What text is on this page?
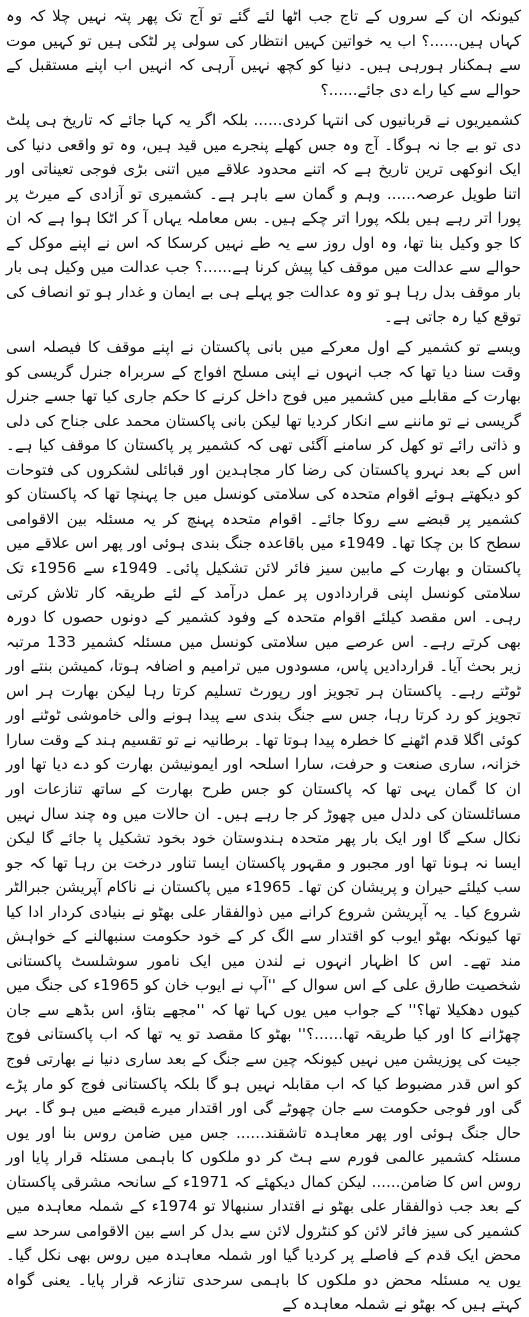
کیونکہ ان کے سروں کے تاج جب اٹھا لئے گئے تو آج تک پھر پتہ نہیں چلا کہ وہ کہاں ہیں......؟ اب یہ خواتین کہیں انتظار کی سولی پر لٹکی ہیں تو کہیں موت سے ہمکنار ہورہی ہیں۔ دنیا کو کچھ نہیں آرہی کہ انہیں اب اپنے مستقبل کے حوالے سے کیا راے دی جائے......؟

کشمیریوں نے قربانیوں کی انتہا کردی...... بلکہ اگر یہ کہا جائے کہ تاریخ ہی پلٹ دی تو بے جا نہ ہوگا۔ آج وہ جس کھلے پنجرے میں قید ہیں، وہ تو واقعی دنیا کی ایک انوکھی ترین تاریخ ہے کہ اتنے محدود علاقے میں اتنی بڑی فوجی تعیناتی اور اتنا طویل عرصہ...... وہم و گمان سے باہر ہے۔ کشمیری تو آزادی کے میرٹ پر پورا اتر رہے ہیں بلکہ پورا اتر چکے ہیں۔ بس معاملہ یہاں آ کر اٹکا ہوا ہے کہ ان کا جو وکیل بنا تھا، وہ اول روز سے یہ طے نہیں کرسکا کہ اس نے اپنے موکل کے حوالے سے عدالت میں موقف کیا پیش کرنا ہے......؟ جب عدالت میں وکیل ہی بار بار موقف بدل رہا ہو تو وہ عدالت جو پہلے ہی بے ایمان و غدار ہو تو انصاف کی توقع کیا رہ جاتی ہے۔

ویسے تو کشمیر کے اول معرکے میں بانی پاکستان نے اپنے موقف کا فیصلہ اسی وقت سنا دیا تھا کہ جب انہوں نے اپنی مسلح افواج کے سربراہ جنرل گریسی کو بھارت کے مقابلے میں کشمیر میں فوج داخل کرنے کا حکم جاری کیا تھا جسے جنرل گریسی نے تو ماننے سے انکار کردیا تھا لیکن بانی پاکستان محمد علی جناح کی دلی و ذاتی رائے تو کھل کر سامنے آگئی تھی کہ کشمیر پر پاکستان کا موقف کیا ہے۔ اس کے بعد نہرو پاکستان کی رضا کار مجاہدین اور قبائلی لشکروں کی فتوحات کو دیکھتے ہوئے اقوام متحدہ کی سلامتی کونسل میں جا پہنچا تھا کہ پاکستان کو کشمیر پر قبضے سے روکا جائے۔ اقوام متحدہ پہنچ کر یہ مسئلہ بین الاقوامی سطح کا بن چکا تھا۔ 1949ء میں باقاعدہ جنگ بندی ہوئی اور پھر اس علاقے میں پاکستان و بھارت کے مابین سیز فائر لائن تشکیل پائی۔ 1949ء سے 1956ء تک سلامتی کونسل اپنی قراردادوں پر عمل درآمد کے لئے طریقہ کار تلاش کرتی رہی۔ اس مقصد کیلئے اقوام متحدہ کے وفود کشمیر کے دونوں حصوں کا دورہ بھی کرتے رہے۔ اس عرصے میں سلامتی کونسل میں مسئلہ کشمیر 133 مرتبہ زیر بحث آیا۔ قراردادیں پاس، مسودوں میں ترامیم و اضافہ ہوتا، کمیشن بنتے اور ٹوٹتے رہے۔ پاکستان ہر تجویز اور رپورٹ تسلیم کرتا رہا لیکن بھارت ہر اس تجویز کو رد کرتا رہا، جس سے جنگ بندی سے پیدا ہونے والی خاموشی ٹوٹنے اور کوئی اگلا قدم اٹھنے کا خطرہ پیدا ہوتا تھا۔ برطانیہ نے تو تقسیم ہند کے وقت سارا خزانہ، ساری صنعت و حرفت، سارا اسلحہ اور ایمونیشن بھارت کو دے دیا تھا اور ان کا گمان یہی تھا کہ پاکستان کو جس طرح بھارت کے ساتھ تنازعات اور مسائلستان کی دلدل میں چھوڑ کر جا رہے ہیں۔ ان حالات میں وہ چند سال نہیں نکال سکے گا اور ایک بار پھر متحدہ ہندوستان خود بخود تشکیل پا جائے گا لیکن ایسا نہ ہونا تھا اور مجبور و مقہور پاکستان ایسا تناور درخت بن رہا تھا کہ جو سب کیلئے حیران و پریشان کن تھا۔ 1965ء میں پاکستان نے ناکام آپریشن جبرالٹر شروع کیا۔ یہ آپریشن شروع کرانے میں ذوالفقار علی بھٹو نے بنیادی کردار ادا کیا تھا کیونکہ بھٹو ایوب کو اقتدار سے الگ کر کے خود حکومت سنبھالنے کے خواہش مند تھے۔ اس کا اظہار انہوں نے لندن میں ایک نامور سوشلسٹ پاکستانی شخصیت طارق علی کے اس سوال کے ''آپ نے ایوب خان کو 1965ء کی جنگ میں کیوں دھکیلا تھا؟'' کے جواب میں یوں کہا تھا کہ ''مجھے بتاؤ، اس بڈھے سے جان چھڑانے کا اور کیا طریقہ تھا......؟'' بھٹو کا مقصد تو یہ تھا کہ اب پاکستانی فوج جیت کی پوزیشن میں نہیں کیونکہ چین سے جنگ کے بعد ساری دنیا نے بھارتی فوج کو اس قدر مضبوط کیا کہ اب مقابلہ نہیں ہو گا بلکہ پاکستانی فوج کو مار پڑے گی اور فوجی حکومت سے جان چھوٹے گی اور اقتدار میرے قبضے میں ہو گا۔ بہر حال جنگ ہوئی اور پھر معاہدہ تاشقند...... جس میں ضامن روس بنا اور یوں مسئلہ کشمیر عالمی فورم سے ہٹ کر دو ملکوں کا باہمی مسئلہ قرار پایا اور روس اس کا ضامن...... لیکن کمال دیکھئے کہ 1971ء کے سانحہ مشرقی پاکستان کے بعد جب ذوالفقار علی بھٹو نے اقتدار سنبھالا تو 1974ء کے شملہ معاہدہ میں کشمیر کی سیز فائر لائن کو کنٹرول لائن سے بدل کر اسے بین الاقوامی سرحد سے محض ایک قدم کے فاصلے پر کردیا گیا اور شملہ معاہدہ میں روس بھی نکل گیا۔ یوں یہ مسئلہ محض دو ملکوں کا باہمی سرحدی تنازعہ قرار پایا۔ یعنی گواہ کہتے ہیں کہ بھٹو نے شملہ معاہدہ کے
